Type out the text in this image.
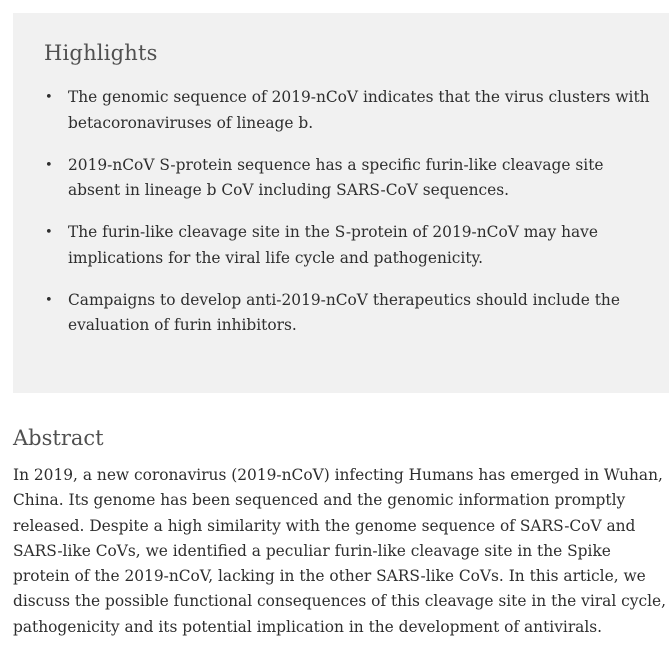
Highlights
• The genomic sequence of 2019-nCoV indicates that the virus clusters with betacoronaviruses of lineage b.
• 2019-nCoV S-protein sequence has a specific furin-like cleavage site absent in lineage b CoV including SARS-CoV sequences.
• The furin-like cleavage site in the S-protein of 2019-nCoV may have implications for the viral life cycle and pathogenicity.
• Campaigns to develop anti-2019-nCoV therapeutics should include the evaluation of furin inhibitors.
Abstract

In 2019, a new coronavirus (2019-nCoV) infecting Humans has emerged in Wuhan, China. Its genome has been sequenced and the genomic information promptly released. Despite a high similarity with the genome sequence of SARS-CoV and SARS-like CoVs, we identified a peculiar furin-like cleavage site in the Spike protein of the 2019-nCoV, lacking in the other SARS-like CoVs. In this article, we discuss the possible functional consequences of this cleavage site in the viral cycle, pathogenicity and its potential implication in the development of antivirals.
